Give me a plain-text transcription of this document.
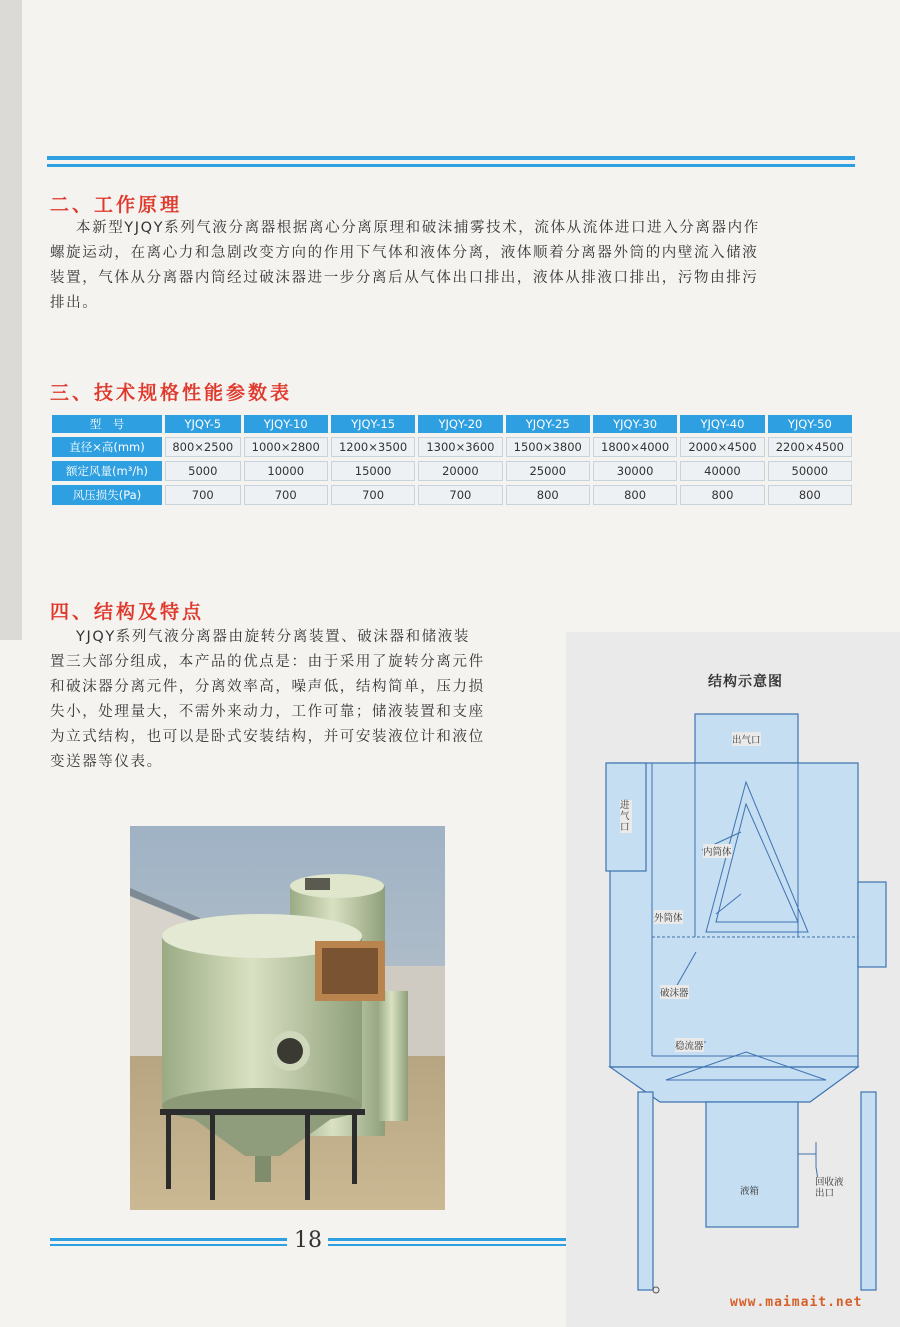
二、工作原理
本新型YJQY系列气液分离器根据离心分离原理和破沫捕雾技术，流体从流体进口进入分离器内作
螺旋运动，在离心力和急剧改变方向的作用下气体和液体分离，液体顺着分离器外筒的内壁流入储液
装置，气体从分离器内筒经过破沫器进一步分离后从气体出口排出，液体从排液口排出，污物由排污
排出。
三、技术规格性能参数表
型　号	YJQY-5	YJQY-10	YJQY-15	YJQY-20	YJQY-25	YJQY-30	YJQY-40	YJQY-50
直径×高(mm)	800×2500	1000×2800	1200×3500	1300×3600	1500×3800	1800×4000	2000×4500	2200×4500
额定风量(m³/h)	5000	10000	15000	20000	25000	30000	40000	50000
风压损失(Pa)	700	700	700	700	800	800	800	800
四、结构及特点
YJQY系列气液分离器由旋转分离装置、破沫器和储液装
置三大部分组成，本产品的优点是：由于采用了旋转分离元件
和破沫器分离元件，分离效率高，噪声低，结构简单，压力损
失小，处理量大，不需外来动力，工作可靠；储液装置和支座
为立式结构，也可以是卧式安装结构，并可安装液位计和液位
变送器等仪表。
结构示意图
出气口
进气口
内筒体
外筒体
破沫器
稳流器
液箱
回收液出口
18
www.maimait.net
